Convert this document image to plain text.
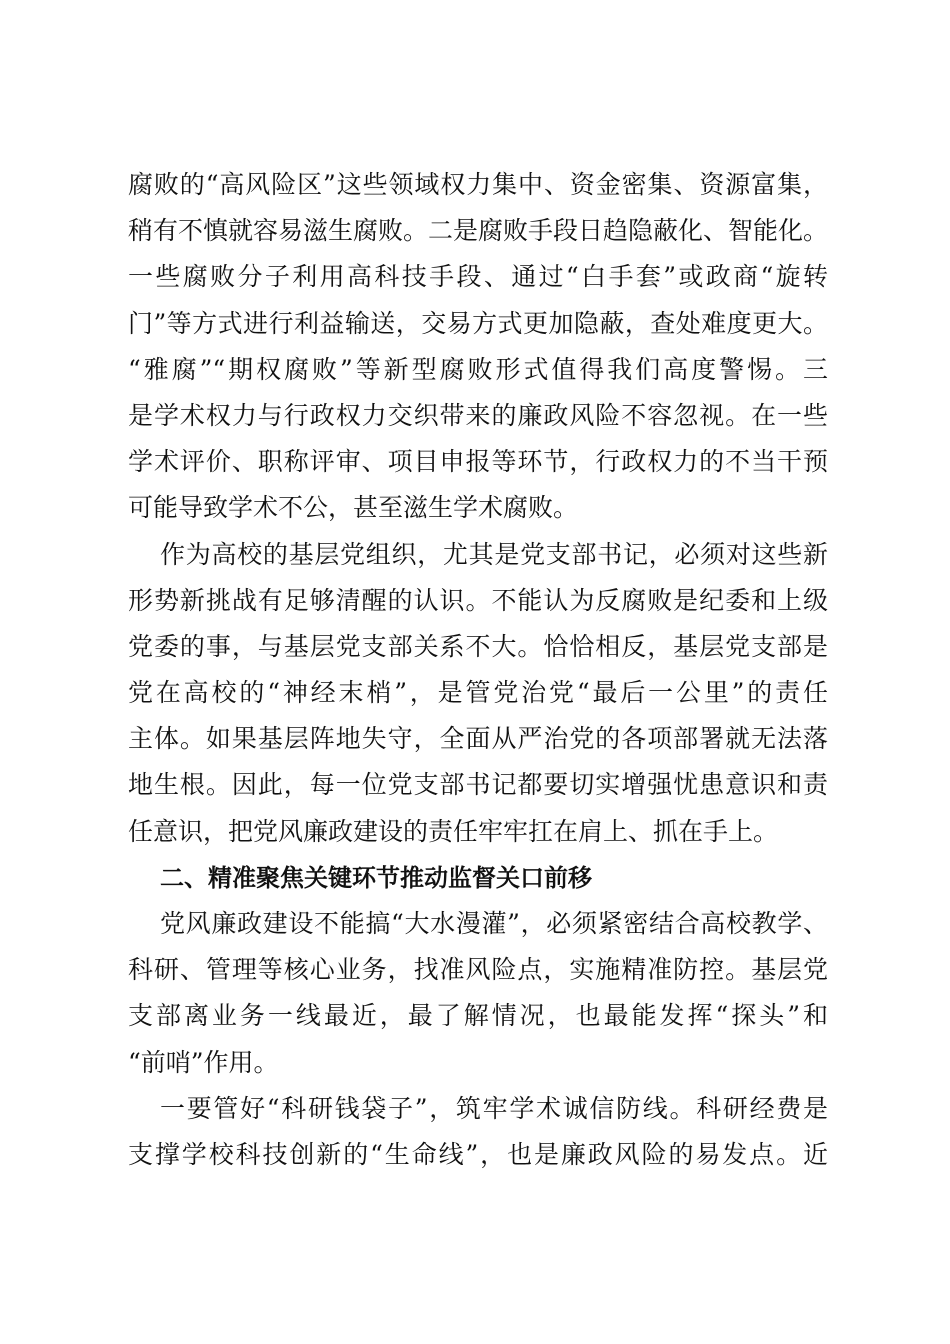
腐败的“高风险区”这些领域权力集中、资金密集、资源富集，
稍有不慎就容易滋生腐败。二是腐败手段日趋隐蔽化、智能化。
一些腐败分子利用高科技手段、通过“白手套”或政商“旋转
门”等方式进行利益输送，交易方式更加隐蔽，查处难度更大。
“雅腐”“期权腐败”等新型腐败形式值得我们高度警惕。三
是学术权力与行政权力交织带来的廉政风险不容忽视。在一些
学术评价、职称评审、项目申报等环节，行政权力的不当干预
可能导致学术不公，甚至滋生学术腐败。
作为高校的基层党组织，尤其是党支部书记，必须对这些新
形势新挑战有足够清醒的认识。不能认为反腐败是纪委和上级
党委的事，与基层党支部关系不大。恰恰相反，基层党支部是
党在高校的“神经末梢”，是管党治党“最后一公里”的责任
主体。如果基层阵地失守，全面从严治党的各项部署就无法落
地生根。因此，每一位党支部书记都要切实增强忧患意识和责
任意识，把党风廉政建设的责任牢牢扛在肩上、抓在手上。
二、精准聚焦关键环节推动监督关口前移
党风廉政建设不能搞“大水漫灌”，必须紧密结合高校教学、
科研、管理等核心业务，找准风险点，实施精准防控。基层党
支部离业务一线最近，最了解情况，也最能发挥“探头”和
“前哨”作用。
一要管好“科研钱袋子”，筑牢学术诚信防线。科研经费是
支撑学校科技创新的“生命线”，也是廉政风险的易发点。近
